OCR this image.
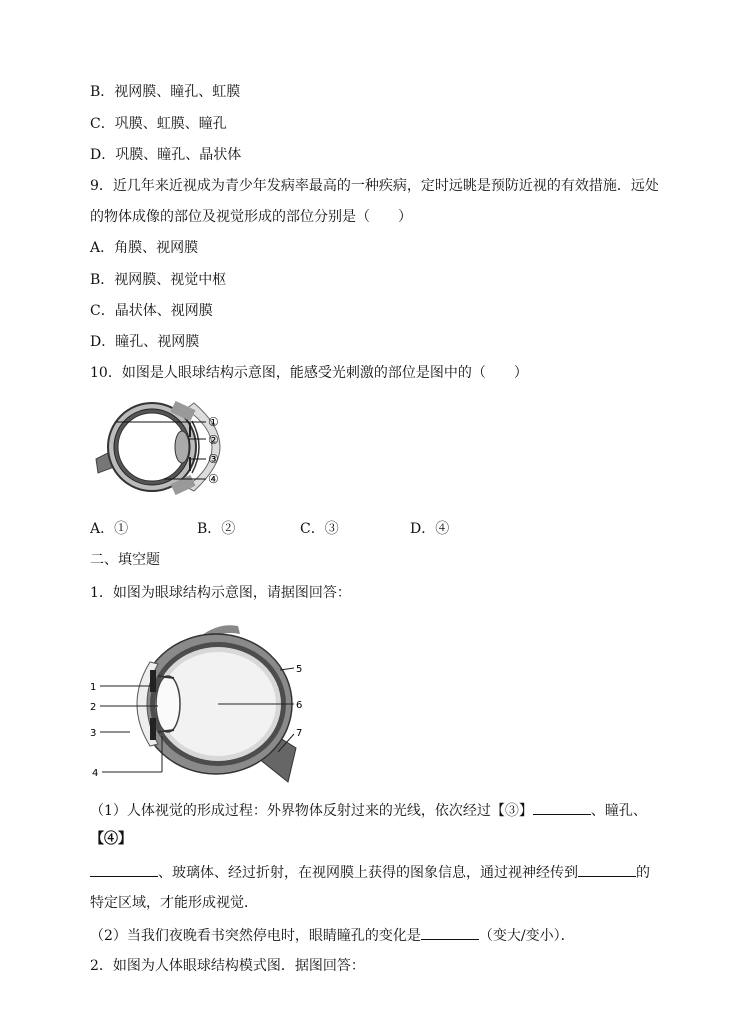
B．视网膜、瞳孔、虹膜
C．巩膜、虹膜、瞳孔
D．巩膜、瞳孔、晶状体
9．近几年来近视成为青少年发病率最高的一种疾病，定时远眺是预防近视的有效措施．远处
的物体成像的部位及视觉形成的部位分别是（　　）
A．角膜、视网膜
B．视网膜、视觉中枢
C．晶状体、视网膜
D．瞳孔、视网膜
10．如图是人眼球结构示意图，能感受光刺激的部位是图中的（　　）
①
②
③
④
A．①	B．②	C．③	D．④
二、填空题
1．如图为眼球结构示意图，请据图回答：
1
2
3
4
5
6
7
（1）人体视觉的形成过程：外界物体反射过来的光线，依次经过【③】	、瞳孔、
【④】
、玻璃体、经过折射，在视网膜上获得的图象信息，通过视神经传到	的
特定区域，才能形成视觉．
（2）当我们夜晚看书突然停电时，眼睛瞳孔的变化是	（变大/变小）．
2．如图为人体眼球结构模式图．据图回答：
